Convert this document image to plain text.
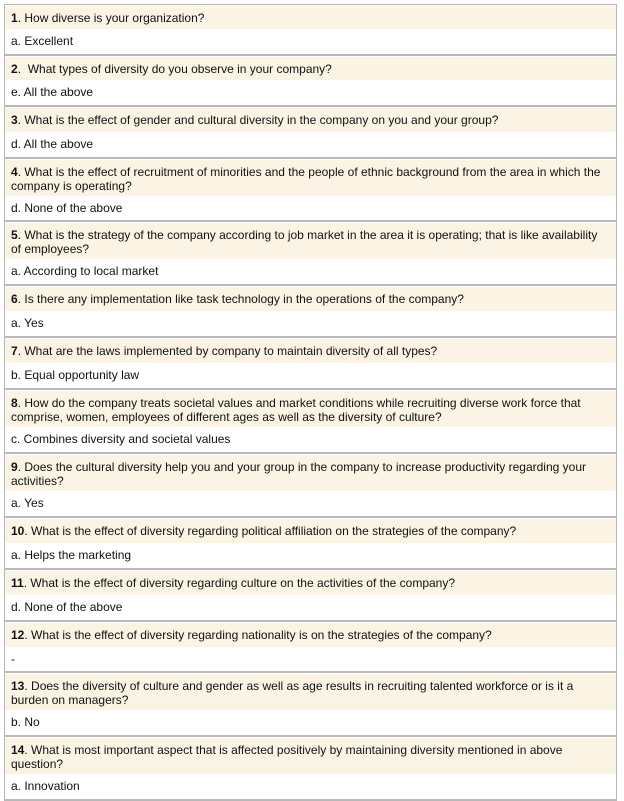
1. How diverse is your organization?
a. Excellent
2.  What types of diversity do you observe in your company?
e. All the above
3. What is the effect of gender and cultural diversity in the company on you and your group?
d. All the above
4. What is the effect of recruitment of minorities and the people of ethnic background from the area in which the company is operating?
d. None of the above
5. What is the strategy of the company according to job market in the area it is operating; that is like availability of employees?
a. According to local market
6. Is there any implementation like task technology in the operations of the company?
a. Yes
7. What are the laws implemented by company to maintain diversity of all types?
b. Equal opportunity law
8. How do the company treats societal values and market conditions while recruiting diverse work force that comprise, women, employees of different ages as well as the diversity of culture?
c. Combines diversity and societal values
9. Does the cultural diversity help you and your group in the company to increase productivity regarding your activities?
a. Yes
10. What is the effect of diversity regarding political affiliation on the strategies of the company?
a. Helps the marketing
11. What is the effect of diversity regarding culture on the activities of the company?
d. None of the above
12. What is the effect of diversity regarding nationality is on the strategies of the company?
-
13. Does the diversity of culture and gender as well as age results in recruiting talented workforce or is it a burden on managers?
b. No
14. What is most important aspect that is affected positively by maintaining diversity mentioned in above question?
a. Innovation
